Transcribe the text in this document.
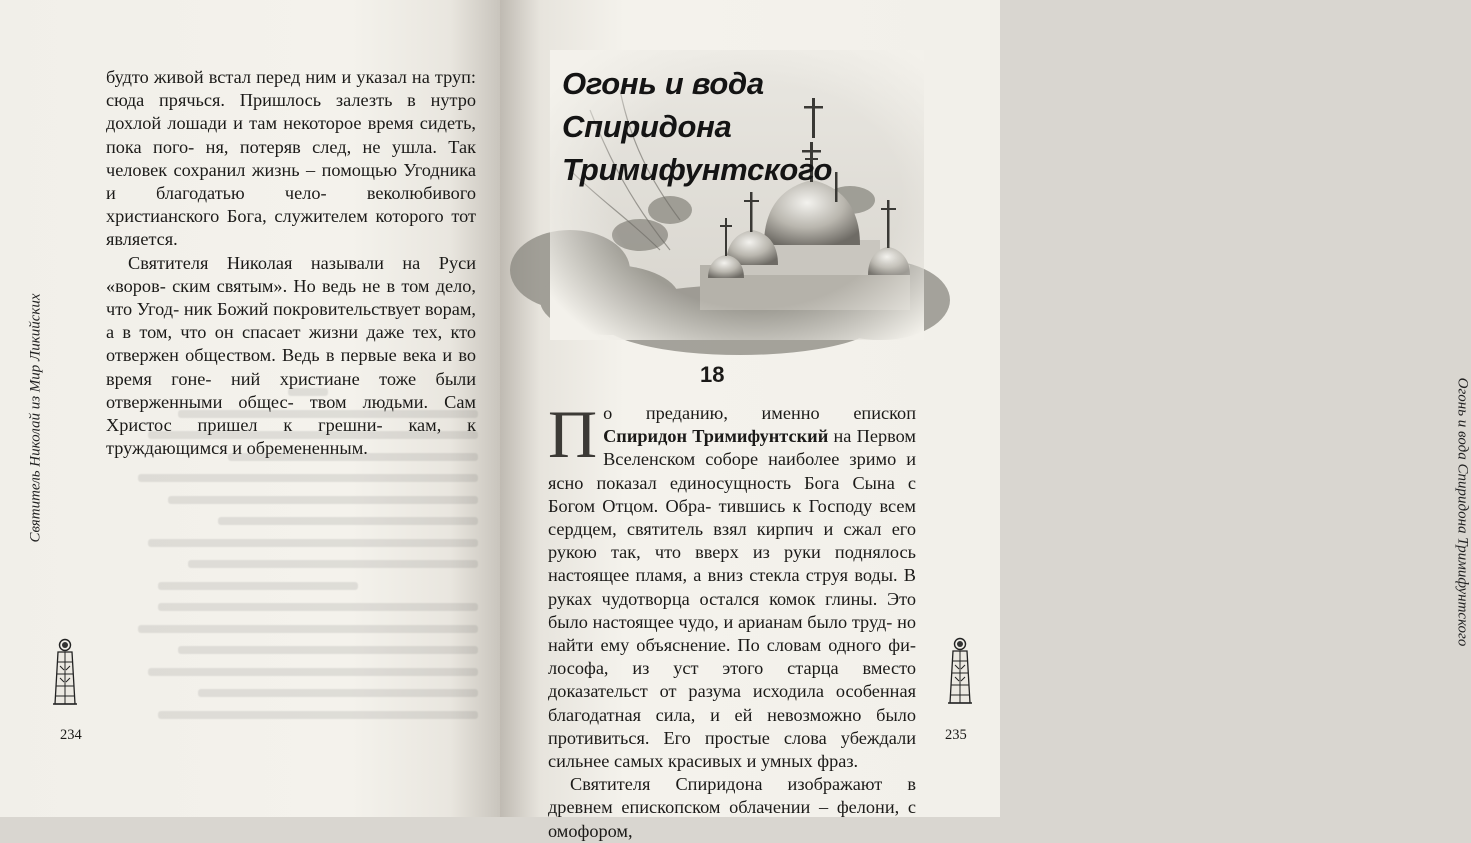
будто живой встал перед ним и указал на труп: сюда прячься. Пришлось залезть в нутро дохлой лошади и там некоторое время сидеть, пока пого- ня, потеряв след, не ушла. Так человек сохранил жизнь – помощью Угодника и благодатью чело- веколюбивого христианского Бога, служителем которого тот является.

Святителя Николая называли на Руси «воров- ским святым». Но ведь не в том дело, что Угод- ник Божий покровительствует ворам, а в том, что он спасает жизни даже тех, кто отвержен обществом. Ведь в первые века и во время гоне- ний христиане тоже были отверженными общес- твом людьми. Сам Христос пришел к грешни- кам, к труждающимся и обремененным.

Святитель Николай из Мир Ликийских
234
Огонь и вода Спиридона Тримифунтского
235
Огонь и вода
Спиридона
Тримифунтского
18

По преданию, именно епископ Спиридон Тримифунтский на Первом Вселенском соборе наиболее зримо и ясно показал единосущность Бога Сына с Богом Отцом. Обра- тившись к Господу всем сердцем, святитель взял кирпич и сжал его рукою так, что вверх из руки поднялось настоящее пламя, а вниз стекла струя воды. В руках чудотворца остался комок глины. Это было настоящее чудо, и арианам было труд- но найти ему объяснение. По словам одного фи- лософа, из уст этого старца вместо доказательст от разума исходила особенная благодатная сила, и ей невозможно было противиться. Его простые слова убеждали сильнее самых красивых и умных фраз.

Святителя Спиридона изображают в древнем епископском облачении – фелони, с омофором,
